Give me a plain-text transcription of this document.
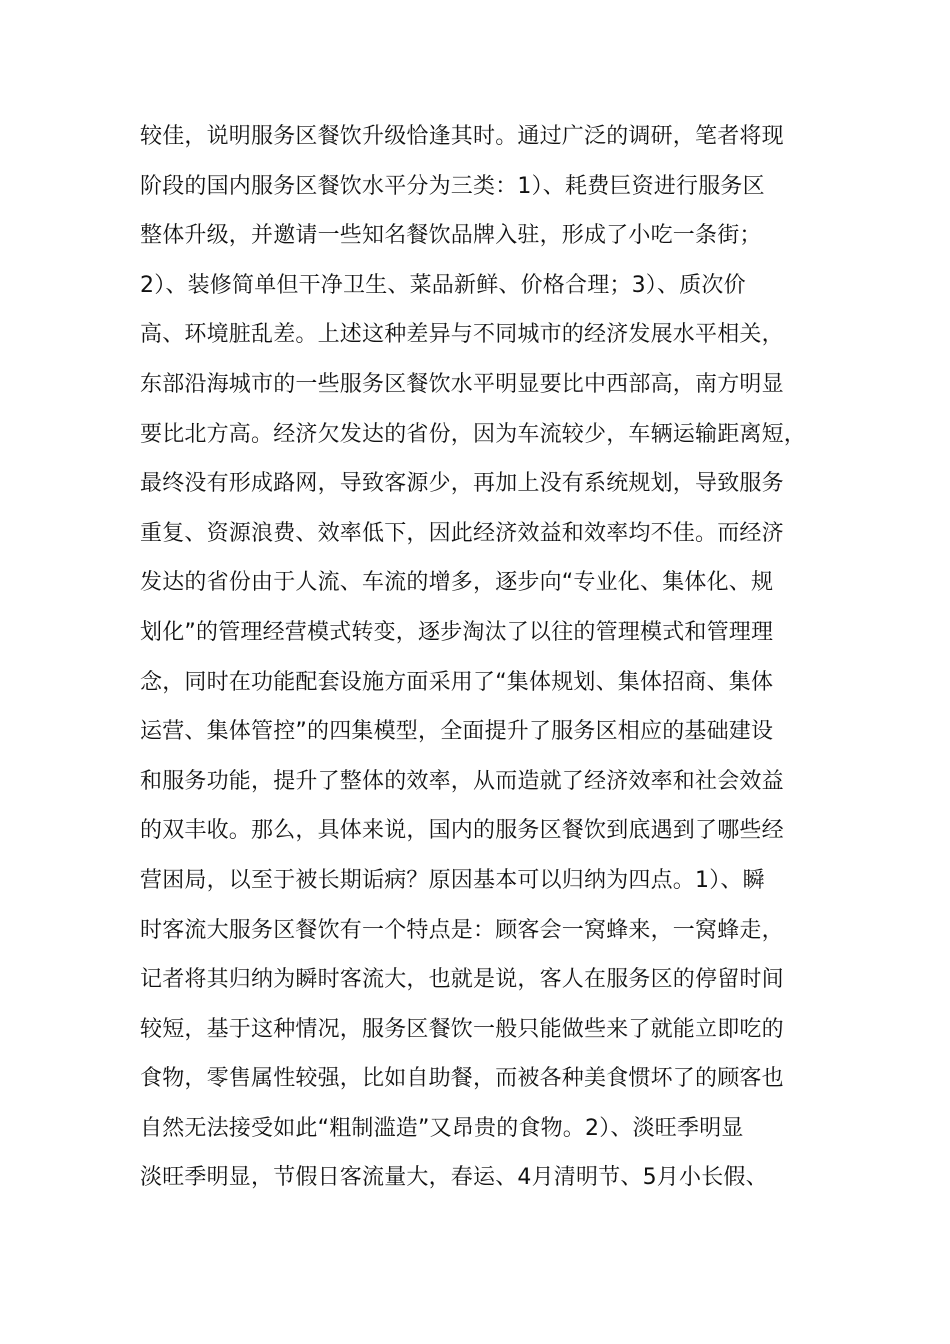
较佳，说明服务区餐饮升级恰逢其时。通过广泛的调研，笔者将现
阶段的国内服务区餐饮水平分为三类：1）、耗费巨资进行服务区
整体升级，并邀请一些知名餐饮品牌入驻，形成了小吃一条街；
2）、装修简单但干净卫生、菜品新鲜、价格合理；3）、质次价
高、环境脏乱差。上述这种差异与不同城市的经济发展水平相关，
东部沿海城市的一些服务区餐饮水平明显要比中西部高，南方明显
要比北方高。经济欠发达的省份，因为车流较少，车辆运输距离短，
最终没有形成路网，导致客源少，再加上没有系统规划，导致服务
重复、资源浪费、效率低下，因此经济效益和效率均不佳。而经济
发达的省份由于人流、车流的增多，逐步向“专业化、集体化、规
划化”的管理经营模式转变，逐步淘汰了以往的管理模式和管理理
念，同时在功能配套设施方面采用了“集体规划、集体招商、集体
运营、集体管控”的四集模型，全面提升了服务区相应的基础建设
和服务功能，提升了整体的效率，从而造就了经济效率和社会效益
的双丰收。那么，具体来说，国内的服务区餐饮到底遇到了哪些经
营困局，以至于被长期诟病？原因基本可以归纳为四点。1）、瞬
时客流大服务区餐饮有一个特点是：顾客会一窝蜂来，一窝蜂走，
记者将其归纳为瞬时客流大，也就是说，客人在服务区的停留时间
较短，基于这种情况，服务区餐饮一般只能做些来了就能立即吃的
食物，零售属性较强，比如自助餐，而被各种美食惯坏了的顾客也
自然无法接受如此“粗制滥造”又昂贵的食物。2）、淡旺季明显
淡旺季明显，节假日客流量大，春运、4月清明节、5月小长假、
